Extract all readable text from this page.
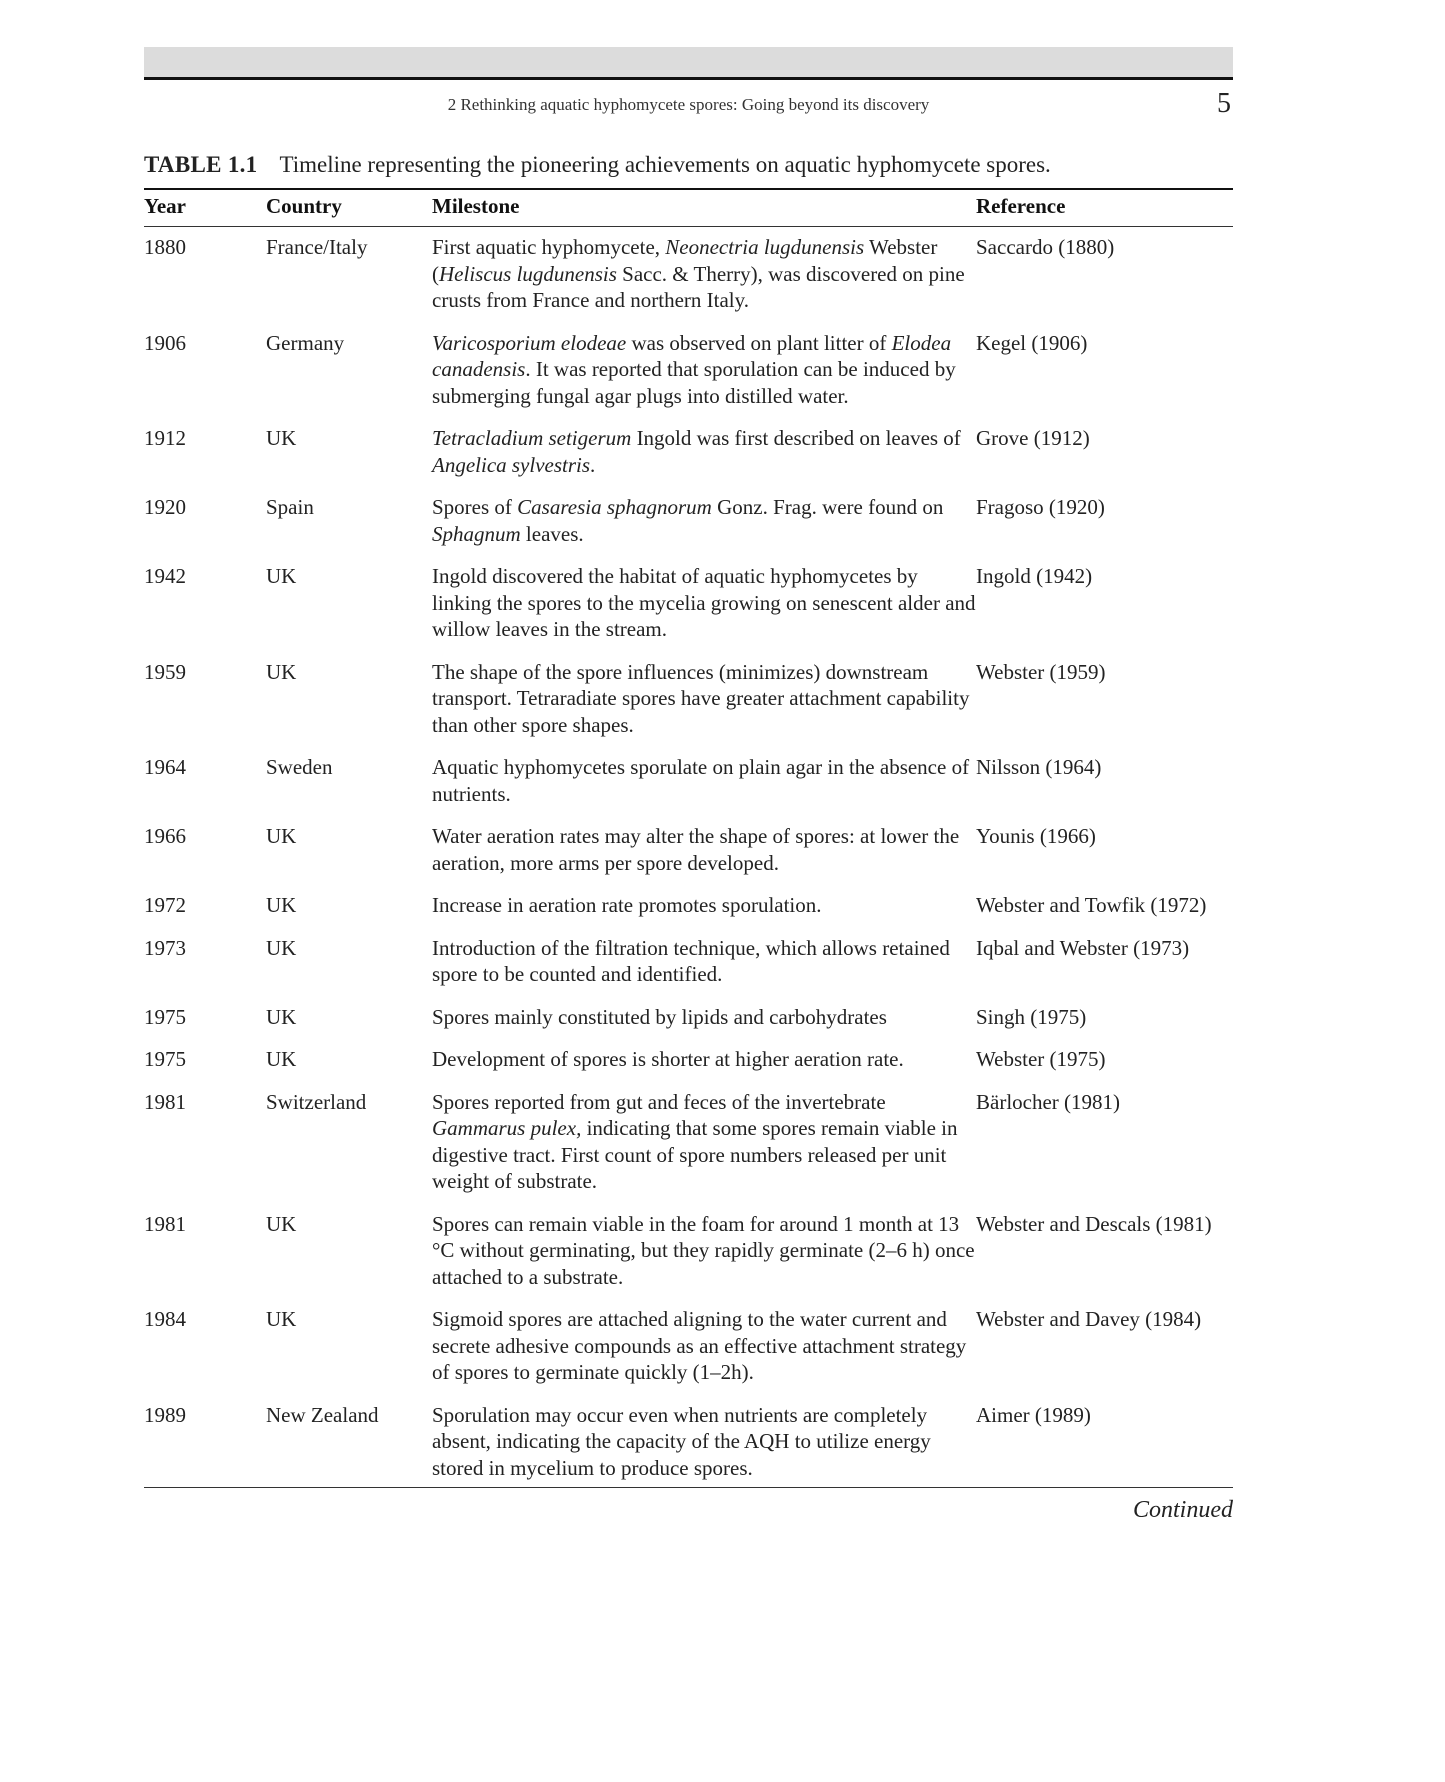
2 Rethinking aquatic hyphomycete spores: Going beyond its discovery	5
TABLE 1.1 Timeline representing the pioneering achievements on aquatic hyphomycete spores.
Year	Country	Milestone	Reference
1880	France/Italy	First aquatic hyphomycete, Neonectria lugdunensis Webster (Heliscus lugdunensis Sacc. & Therry), was discovered on pine crusts from France and northern Italy.	Saccardo (1880)
1906	Germany	Varicosporium elodeae was observed on plant litter of Elodea canadensis. It was reported that sporulation can be induced by submerging fungal agar plugs into distilled water.	Kegel (1906)
1912	UK	Tetracladium setigerum Ingold was first described on leaves of Angelica sylvestris.	Grove (1912)
1920	Spain	Spores of Casaresia sphagnorum Gonz. Frag. were found on Sphagnum leaves.	Fragoso (1920)
1942	UK	Ingold discovered the habitat of aquatic hyphomycetes by linking the spores to the mycelia growing on senescent alder and willow leaves in the stream.	Ingold (1942)
1959	UK	The shape of the spore influences (minimizes) downstream transport. Tetraradiate spores have greater attachment capability than other spore shapes.	Webster (1959)
1964	Sweden	Aquatic hyphomycetes sporulate on plain agar in the absence of nutrients.	Nilsson (1964)
1966	UK	Water aeration rates may alter the shape of spores: at lower the aeration, more arms per spore developed.	Younis (1966)
1972	UK	Increase in aeration rate promotes sporulation.	Webster and Towfik (1972)
1973	UK	Introduction of the filtration technique, which allows retained spore to be counted and identified.	Iqbal and Webster (1973)
1975	UK	Spores mainly constituted by lipids and carbohydrates	Singh (1975)
1975	UK	Development of spores is shorter at higher aeration rate.	Webster (1975)
1981	Switzerland	Spores reported from gut and feces of the invertebrate Gammarus pulex, indicating that some spores remain viable in digestive tract. First count of spore numbers released per unit weight of substrate.	Bärlocher (1981)
1981	UK	Spores can remain viable in the foam for around 1 month at 13 °C without germinating, but they rapidly germinate (2–6 h) once attached to a substrate.	Webster and Descals (1981)
1984	UK	Sigmoid spores are attached aligning to the water current and secrete adhesive compounds as an effective attachment strategy of spores to germinate quickly (1–2h).	Webster and Davey (1984)
1989	New Zealand	Sporulation may occur even when nutrients are completely absent, indicating the capacity of the AQH to utilize energy stored in mycelium to produce spores.	Aimer (1989)
Continued
